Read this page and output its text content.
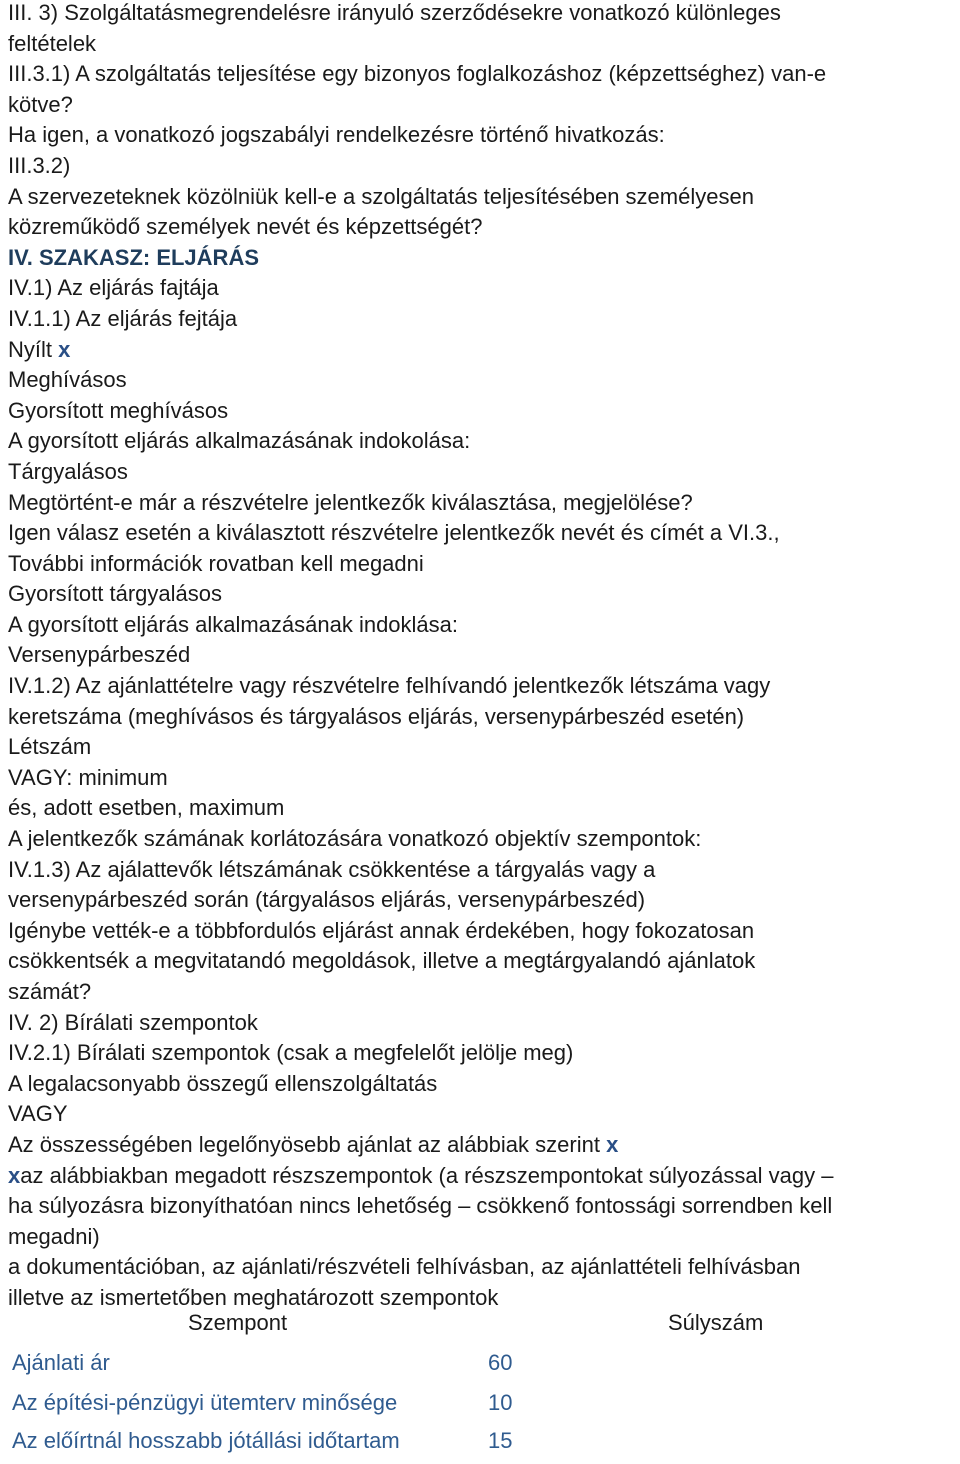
III. 3) Szolgáltatásmegrendelésre irányuló szerződésekre vonatkozó különleges

feltételek

III.3.1) A szolgáltatás teljesítése egy bizonyos foglalkozáshoz (képzettséghez) van-e

kötve?

Ha igen, a vonatkozó jogszabályi rendelkezésre történő hivatkozás:

III.3.2)

A szervezeteknek közölniük kell-e a szolgáltatás teljesítésében személyesen

közreműködő személyek nevét és képzettségét?

IV. SZAKASZ: ELJÁRÁS

IV.1) Az eljárás fajtája

IV.1.1) Az eljárás fejtája

Nyílt x

Meghívásos

Gyorsított meghívásos

A gyorsított eljárás alkalmazásának indokolása:

Tárgyalásos

Megtörtént-e már a részvételre jelentkezők kiválasztása, megjelölése?

Igen válasz esetén a kiválasztott részvételre jelentkezők nevét és címét a VI.3.,

További információk rovatban kell megadni

Gyorsított tárgyalásos

A gyorsított eljárás alkalmazásának indoklása:

Versenypárbeszéd

IV.1.2) Az ajánlattételre vagy részvételre felhívandó jelentkezők létszáma vagy

keretszáma (meghívásos és tárgyalásos eljárás, versenypárbeszéd esetén)

Létszám

VAGY: minimum

és, adott esetben, maximum

A jelentkezők számának korlátozására vonatkozó objektív szempontok:

IV.1.3) Az ajálattevők létszámának csökkentése a tárgyalás vagy a

versenypárbeszéd során (tárgyalásos eljárás, versenypárbeszéd)

Igénybe vették-e a többfordulós eljárást annak érdekében, hogy fokozatosan

csökkentsék a megvitatandó megoldások, illetve a megtárgyalandó ajánlatok

számát?

IV. 2) Bírálati szempontok

IV.2.1) Bírálati szempontok (csak a megfelelőt jelölje meg)

A legalacsonyabb összegű ellenszolgáltatás

VAGY

Az összességében legelőnyösebb ajánlat az alábbiak szerint x

xaz alábbiakban megadott részszempontok (a részszempontokat súlyozással vagy –

ha súlyozásra bizonyíthatóan nincs lehetőség – csökkenő fontossági sorrendben kell

megadni)

a dokumentációban, az ajánlati/részvételi felhívásban, az ajánlattételi felhívásban

illetve az ismertetőben meghatározott szempontok

Szempont	Súlyszám
Ajánlati ár	60
Az építési-pénzügyi ütemterv minősége	10
Az előírtnál hosszabb jótállási időtartam	15
